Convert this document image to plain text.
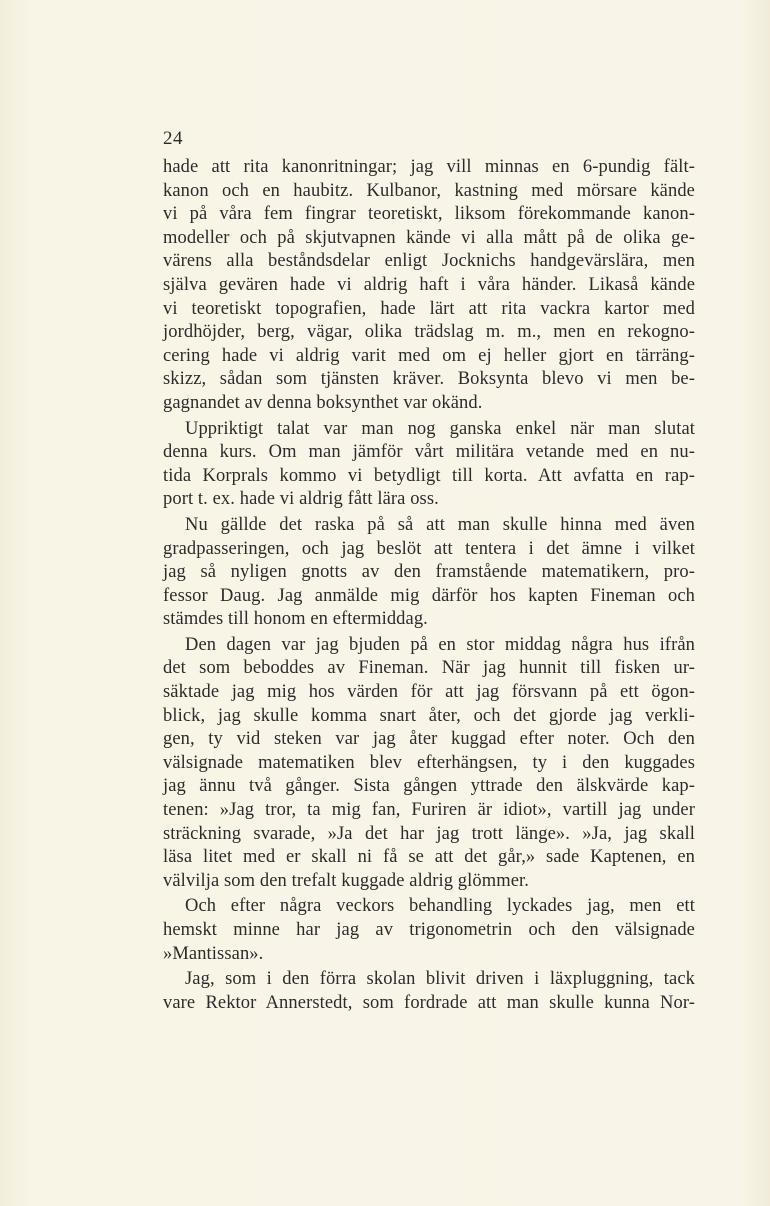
24
hade att rita kanonritningar; jag vill minnas en 6-pundig fält-
kanon och en haubitz. Kulbanor, kastning med mörsare kände
vi på våra fem fingrar teoretiskt, liksom förekommande kanon-
modeller och på skjutvapnen kände vi alla mått på de olika ge-
värens alla beståndsdelar enligt Jocknichs handgevärslära, men
själva gevären hade vi aldrig haft i våra händer. Likaså kände
vi teoretiskt topografien, hade lärt att rita vackra kartor med
jordhöjder, berg, vägar, olika trädslag m. m., men en rekogno-
cering hade vi aldrig varit med om ej heller gjort en tärräng-
skizz, sådan som tjänsten kräver. Boksynta blevo vi men be-
gagnandet av denna boksynthet var okänd.
Uppriktigt talat var man nog ganska enkel när man slutat
denna kurs. Om man jämför vårt militära vetande med en nu-
tida Korprals kommo vi betydligt till korta. Att avfatta en rap-
port t. ex. hade vi aldrig fått lära oss.
Nu gällde det raska på så att man skulle hinna med även
gradpasseringen, och jag beslöt att tentera i det ämne i vilket
jag så nyligen gnotts av den framstående matematikern, pro-
fessor Daug. Jag anmälde mig därför hos kapten Fineman och
stämdes till honom en eftermiddag.
Den dagen var jag bjuden på en stor middag några hus ifrån
det som beboddes av Fineman. När jag hunnit till fisken ur-
säktade jag mig hos värden för att jag försvann på ett ögon-
blick, jag skulle komma snart åter, och det gjorde jag verkli-
gen, ty vid steken var jag åter kuggad efter noter. Och den
välsignade matematiken blev efterhängsen, ty i den kuggades
jag ännu två gånger. Sista gången yttrade den älskvärde kap-
tenen: »Jag tror, ta mig fan, Furiren är idiot», vartill jag under
sträckning svarade, »Ja det har jag trott länge». »Ja, jag skall
läsa litet med er skall ni få se att det går,» sade Kaptenen, en
välvilja som den trefalt kuggade aldrig glömmer.
Och efter några veckors behandling lyckades jag, men ett
hemskt minne har jag av trigonometrin och den välsignade
»Mantissan».
Jag, som i den förra skolan blivit driven i läxpluggning, tack
vare Rektor Annerstedt, som fordrade att man skulle kunna Nor-
